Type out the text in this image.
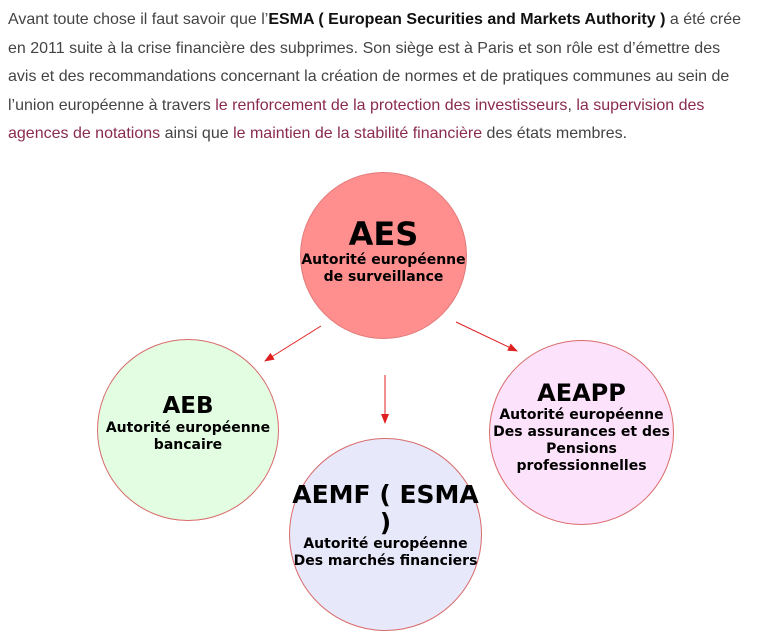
Avant toute chose il faut savoir que l’ESMA ( European Securities and Markets Authority ) a été crée en 2011 suite à la crise financière des subprimes. Son siège est à Paris et son rôle est d’émettre des avis et des recommandations concernant la création de normes et de pratiques communes au sein de l’union européenne à travers le renforcement de la protection des investisseurs, la supervision des agences de notations ainsi que le maintien de la stabilité financière des états membres.

AES
Autorité européenne
de surveillance
AEB
Autorité européenne
bancaire
AEMF ( ESMA )
Autorité européenne
Des marchés financiers
AEAPP
Autorité européenne
Des assurances et des
Pensions
professionnelles
